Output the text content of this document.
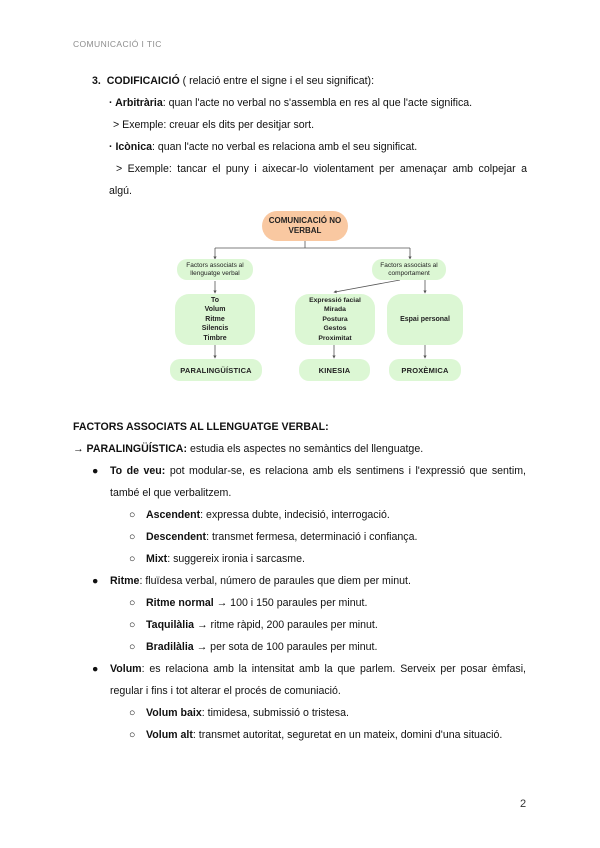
COMUNICACIÓ I TIC
3. CODIFICAICIÓ ( relació entre el signe i el seu significat):
· Arbitrària: quan l'acte no verbal no s'assembla en res al que l'acte significa.
> Exemple: creuar els dits per desitjar sort.
· Icònica: quan l'acte no verbal es relaciona amb el seu significat.
> Exemple: tancar el puny i aixecar-lo violentament per amenaçar amb colpejar a
algú.
COMUNICACIÓ NO VERBAL
Factors associats al llenguatge verbal
Factors associats al comportament
To
Volum
Ritme
Silencis
Timbre
Expressió facial
Mirada
Postura
Gestos
Proximitat
Espai personal
PARALINGÜÍSTICA	KINESIA	PROXÈMICA
FACTORS ASSOCIATS AL LLENGUATGE VERBAL:
→ PARALINGÜÍSTICA: estudia els aspectes no semàntics del llenguatge.
● To de veu: pot modular-se, es relaciona amb els sentimens i l'expressió que sentim,
també el que verbalitzem.
○ Ascendent: expressa dubte, indecisió, interrogació.
○ Descendent: transmet fermesa, determinació i confiança.
○ Mixt: suggereix ironia i sarcasme.
● Ritme: fluïdesa verbal, número de paraules que diem per minut.
○ Ritme normal → 100 i 150 paraules per minut.
○ Taquilàlia → ritme ràpid, 200 paraules per minut.
○ Bradilàlia → per sota de 100 paraules per minut.
● Volum: es relaciona amb la intensitat amb la que parlem. Serveix per posar èmfasi,
regular i fins i tot alterar el procés de comuniació.
○ Volum baix: timidesa, submissió o tristesa.
○ Volum alt: transmet autoritat, seguretat en un mateix, domini d'una situació.
2
